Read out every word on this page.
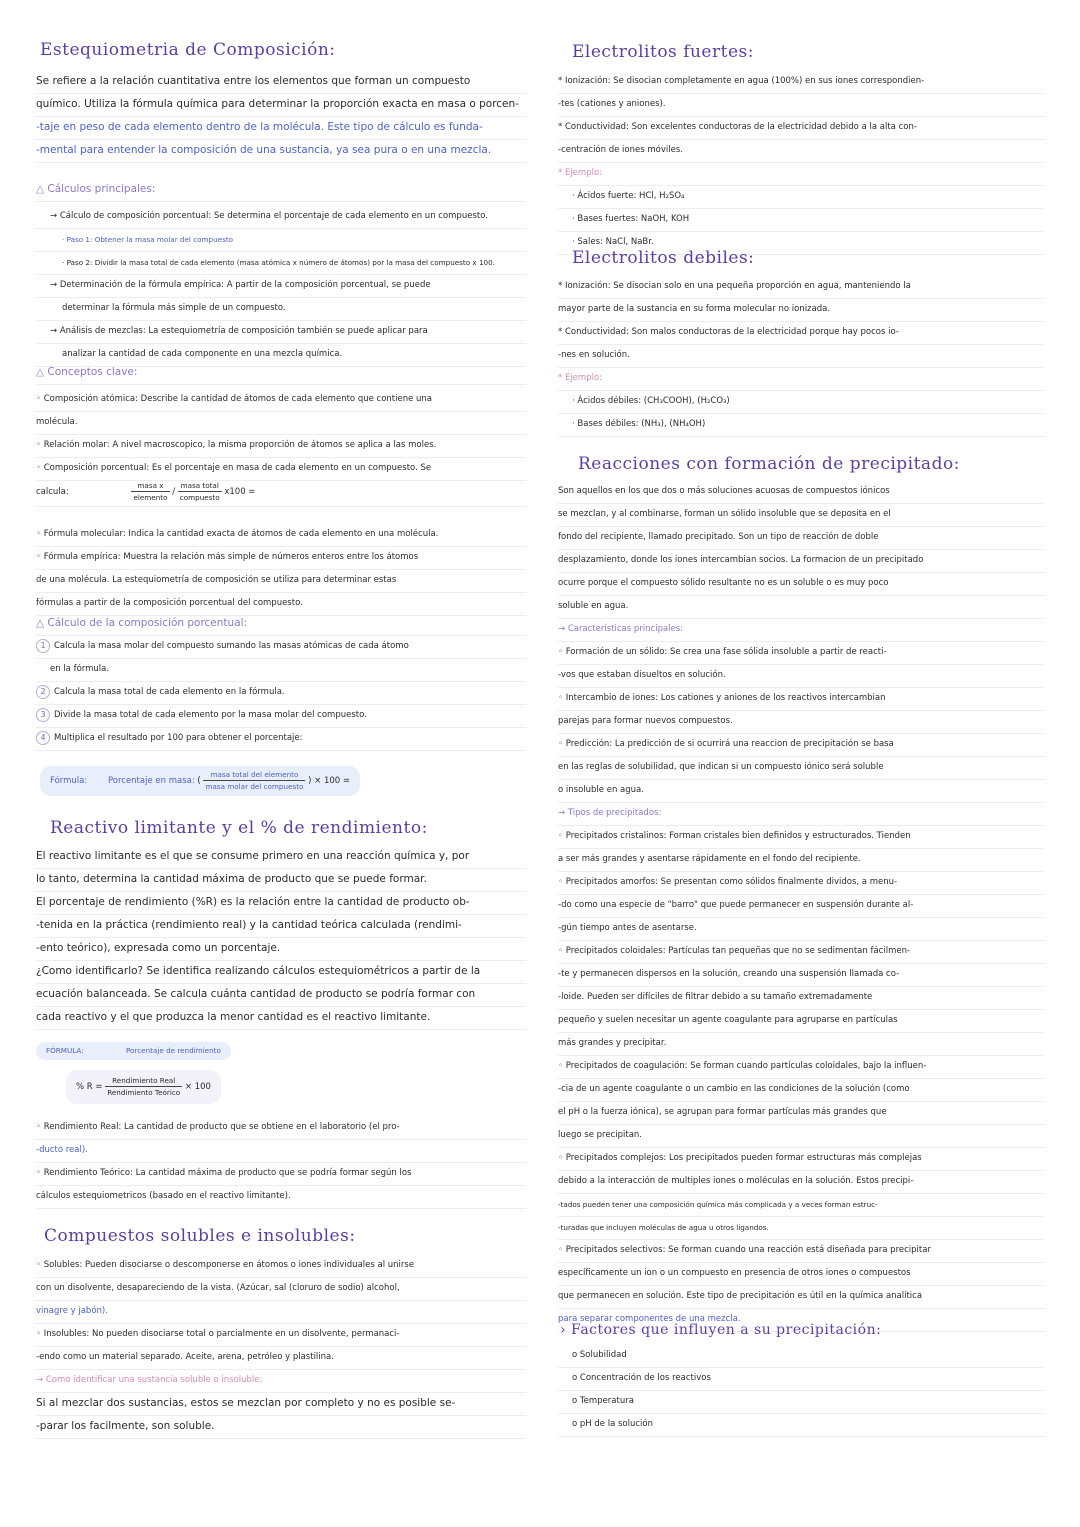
Estequiometria de Composición:
Se refiere a la relación cuantitativa entre los elementos que forman un compuesto
químico. Utiliza la fórmula química para determinar la proporción exacta en masa o porcen-
-taje en peso de cada elemento dentro de la molécula. Este tipo de cálculo es funda-
-mental para entender la composición de una sustancia, ya sea pura o en una mezcla.
△ Cálculos principales:
→ Cálculo de composición porcentual: Se determina el porcentaje de cada elemento en un compuesto.
· Paso 1: Obtener la masa molar del compuesto
· Paso 2: Dividir la masa total de cada elemento (masa atómica x número de átomos) por la masa del compuesto x 100.
→ Determinación de la fórmula empírica: A partir de la composición porcentual, se puede
determinar la fórmula más simple de un compuesto.
→ Análisis de mezclas: La estequiometría de composición también se puede aplicar para
analizar la cantidad de cada componente en una mezcla química.
△ Conceptos clave:
◦ Composición atómica: Describe la cantidad de átomos de cada elemento que contiene una
molécula.
◦ Relación molar: A nivel macroscopico, la misma proporción de átomos se aplica a las moles.
◦ Composición porcentual: Es el porcentaje en masa de cada elemento en un compuesto. Se
calcula:	$\frac{\text{masa x}}{\text{elemento}} / \frac{\text{masa total}}{\text{compuesto}} x100$ =
◦ Fórmula molecular: Indica la cantidad exacta de átomos de cada elemento en una molécula.
◦ Fórmula empírica: Muestra la relación más simple de números enteros entre los átomos
de una molécula. La estequiometría de composición se utiliza para determinar estas
fórmulas a partir de la composición porcentual del compuesto.
△ Cálculo de la composición porcentual:
1 Calcula la masa molar del compuesto sumando las masas atómicas de cada átomo
en la fórmula.
2 Calcula la masa total de cada elemento en la fórmula.
3 Divide la masa total de cada elemento por la masa molar del compuesto.
4 Multiplica el resultado por 100 para obtener el porcentaje:
Fórmula: Porcentaje en masa: ( $\frac{\text{masa total del elemento}}{\text{masa molar del compuesto}}$ ) × 100 =
Reactivo limitante y el % de rendimiento:
El reactivo limitante es el que se consume primero en una reacción química y, por
lo tanto, determina la cantidad máxima de producto que se puede formar.
El porcentaje de rendimiento (%R) es la relación entre la cantidad de producto ob-
-tenida en la práctica (rendimiento real) y la cantidad teórica calculada (rendimi-
-ento teórico), expresada como un porcentaje.
¿Como identificarlo? Se identifica realizando cálculos estequiométricos a partir de la
ecuación balanceada. Se calcula cuánta cantidad de producto se podría formar con
cada reactivo y el que produzca la menor cantidad es el reactivo limitante.
FÓRMULA:	Porcentaje de rendimiento
% $R = \frac{\text{Rendimiento Real}}{\text{Rendimiento Teórico}} \times 100$
◦ Rendimiento Real: La cantidad de producto que se obtiene en el laboratorio (el pro-
-ducto real).
◦ Rendimiento Teórico: La cantidad máxima de producto que se podría formar según los
cálculos estequiometricos (basado en el reactivo limitante).
Compuestos solubles e insolubles:
◦ Solubles: Pueden disociarse o descomponerse en átomos o iones individuales al unirse
con un disolvente, desapareciendo de la vista. (Azúcar, sal (cloruro de sodio) alcohol,
vinagre y jabón).
◦ Insolubles: No pueden disociarse total o parcialmente en un disolvente, permanaci-
-endo como un material separado. Aceite, arena, petróleo y plastilina.
→ Como identificar una sustancia soluble o insoluble:
Si al mezclar dos sustancias, estos se mezclan por completo y no es posible se-
-parar los facilmente, son soluble.
Electrolitos fuertes:
* Ionización: Se disocian completamente en agua (100%) en sus iones correspondien-
-tes (cationes y aniones).
* Conductividad: Son excelentes conductoras de la electricidad debido a la alta con-
-centración de iones móviles.
* Ejemplo:
· Ácidos fuerte: HCl, H₂SO₄
· Bases fuertes: NaOH, KOH
· Sales: NaCl, NaBr.
Electrolitos debiles:
* Ionización: Se disocian solo en una pequeña proporción en agua, manteniendo la
mayor parte de la sustancia en su forma molecular no ionizada.
* Conductividad: Son malos conductoras de la electricidad porque hay pocos io-
-nes en solución.
* Ejemplo:
· Ácidos débiles: (CH₃COOH), (H₂CO₃)
· Bases débiles: (NH₃), (NH₄OH)
Reacciones con formación de precipitado:
Son aquellos en los que dos o más soluciones acuosas de compuestos iónicos
se mezclan, y al combinarse, forman un sólido insoluble que se deposita en el
fondo del recipiente, llamado precipitado. Son un tipo de reacción de doble
desplazamiento, donde los iones intercambian socios. La formacion de un precipitado
ocurre porque el compuesto sólido resultante no es un soluble o es muy poco
soluble en agua.
→ Características principales:
◦ Formación de un sólido: Se crea una fase sólida insoluble a partir de reacti-
-vos que estaban disueltos en solución.
◦ Intercambio de iones: Los cationes y aniones de los reactivos intercambian
parejas para formar nuevos compuestos.
◦ Predicción: La predicción de si ocurrirá una reaccion de precipitación se basa
en las reglas de solubilidad, que indican si un compuesto iónico será soluble
o insoluble en agua.
→ Tipos de precipitados:
◦ Precipitados cristalinos: Forman cristales bien definidos y estructurados. Tienden
a ser más grandes y asentarse rápidamente en el fondo del recipiente.
◦ Precipitados amorfos: Se presentan como sólidos finalmente dividos, a menu-
-do como una especie de "barro" que puede permanecer en suspensión durante al-
-gún tiempo antes de asentarse.
◦ Precipitados coloidales: Partículas tan pequeñas que no se sedimentan fácilmen-
-te y permanecen dispersos en la solución, creando una suspensión llamada co-
-loide. Pueden ser difíciles de filtrar debido a su tamaño extremadamente
pequeño y suelen necesitar un agente coagulante para agruparse en partículas
más grandes y precipitar.
◦ Precipitados de coagulación: Se forman cuando partículas coloidales, bajo la influen-
-cia de un agente coagulante o un cambio en las condiciones de la solución (como
el pH o la fuerza iónica), se agrupan para formar partículas más grandes que
luego se precipitan.
◦ Precipitados complejos: Los precipitados pueden formar estructuras más complejas
debido a la interacción de multiples iones o moléculas en la solución. Estos precipi-
-tados pueden tener una composición química más complicada y a veces forman estruc-
-turadas que incluyen moléculas de agua u otros ligandos.
◦ Precipitados selectivos: Se forman cuando una reacción está diseñada para precipitar
específicamente un ion o un compuesto en presencia de otros iones o compuestos
que permanecen en solución. Este tipo de precipitación es útil en la química analítica
para separar componentes de una mezcla.
› Factores que influyen a su precipitación:
o Solubilidad
o Concentración de los reactivos
o Temperatura
o pH de la solución
